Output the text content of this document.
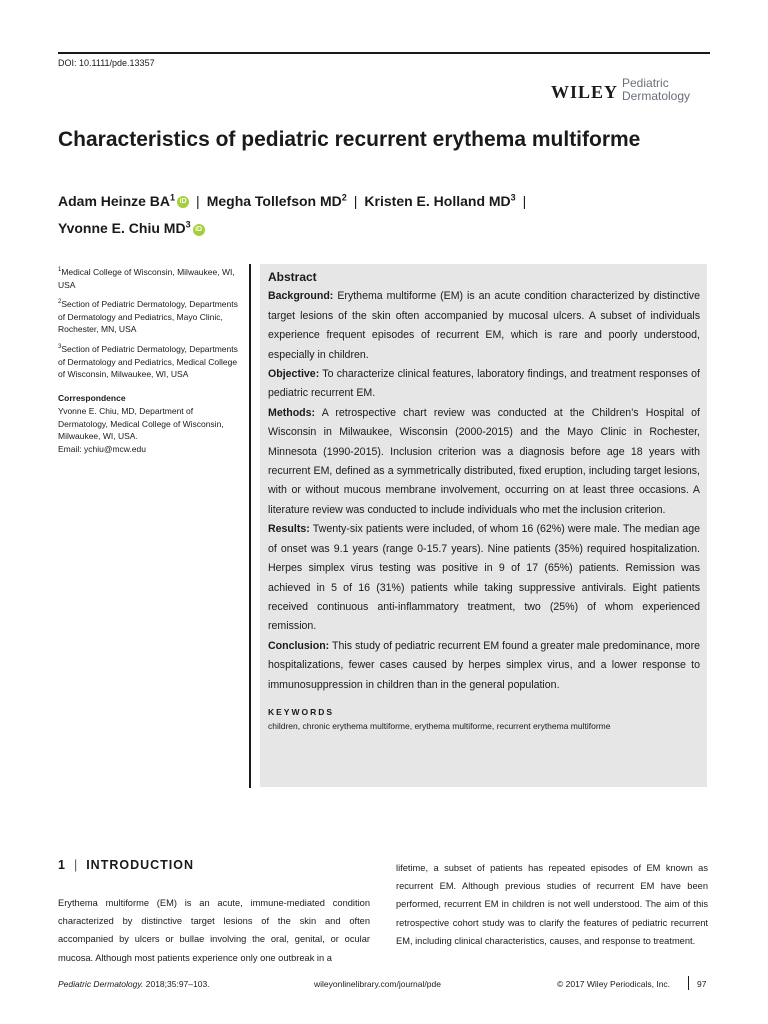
DOI: 10.1111/pde.13357
WILEY Pediatric
Dermatology
Characteristics of pediatric recurrent erythema multiforme
Adam Heinze $BA^1$ iD | Megha Tollefson $MD^2$ | Kristen E. Holland $MD^3$ |
Yvonne E. Chiu $MD^3$ iD

$^1$Medical College of Wisconsin, Milwaukee, WI, USA

$^2$Section of Pediatric Dermatology, Departments of Dermatology and Pediatrics, Mayo Clinic, Rochester, MN, USA

$^3$Section of Pediatric Dermatology, Departments of Dermatology and Pediatrics, Medical College of Wisconsin, Milwaukee, WI, USA

Correspondence

Yvonne E. Chiu, MD, Department of Dermatology, Medical College of Wisconsin, Milwaukee, WI, USA.
Email: ychiu@mcw.edu

Abstract

Background: Erythema multiforme (EM) is an acute condition characterized by distinctive target lesions of the skin often accompanied by mucosal ulcers. A subset of individuals experience frequent episodes of recurrent EM, which is rare and poorly understood, especially in children.

Objective: To characterize clinical features, laboratory findings, and treatment responses of pediatric recurrent EM.

Methods: A retrospective chart review was conducted at the Children's Hospital of Wisconsin in Milwaukee, Wisconsin (2000-2015) and the Mayo Clinic in Rochester, Minnesota (1990-2015). Inclusion criterion was a diagnosis before age 18 years with recurrent EM, defined as a symmetrically distributed, fixed eruption, including target lesions, with or without mucous membrane involvement, occurring on at least three occasions. A literature review was conducted to include individuals who met the inclusion criterion.

Results: Twenty-six patients were included, of whom 16 (62%) were male. The median age of onset was 9.1 years (range 0-15.7 years). Nine patients (35%) required hospitalization. Herpes simplex virus testing was positive in 9 of 17 (65%) patients. Remission was achieved in 5 of 16 (31%) patients while taking suppressive antivirals. Eight patients received continuous anti-inflammatory treatment, two (25%) of whom experienced remission.

Conclusion: This study of pediatric recurrent EM found a greater male predominance, more hospitalizations, fewer cases caused by herpes simplex virus, and a lower response to immunosuppression in children than in the general population.

KEYWORDS

children, chronic erythema multiforme, erythema multiforme, recurrent erythema multiforme

1 | INTRODUCTION
Erythema multiforme (EM) is an acute, immune-mediated condition characterized by distinctive target lesions of the skin and often accompanied by ulcers or bullae involving the oral, genital, or ocular mucosa. Although most patients experience only one outbreak in a
lifetime, a subset of patients has repeated episodes of EM known as recurrent EM. Although previous studies of recurrent EM have been performed, recurrent EM in children is not well understood. The aim of this retrospective cohort study was to clarify the features of pediatric recurrent EM, including clinical characteristics, causes, and response to treatment.
Pediatric Dermatology. 2018;35:97–103.	wileyonlinelibrary.com/journal/pde	© 2017 Wiley Periodicals, Inc.	97
